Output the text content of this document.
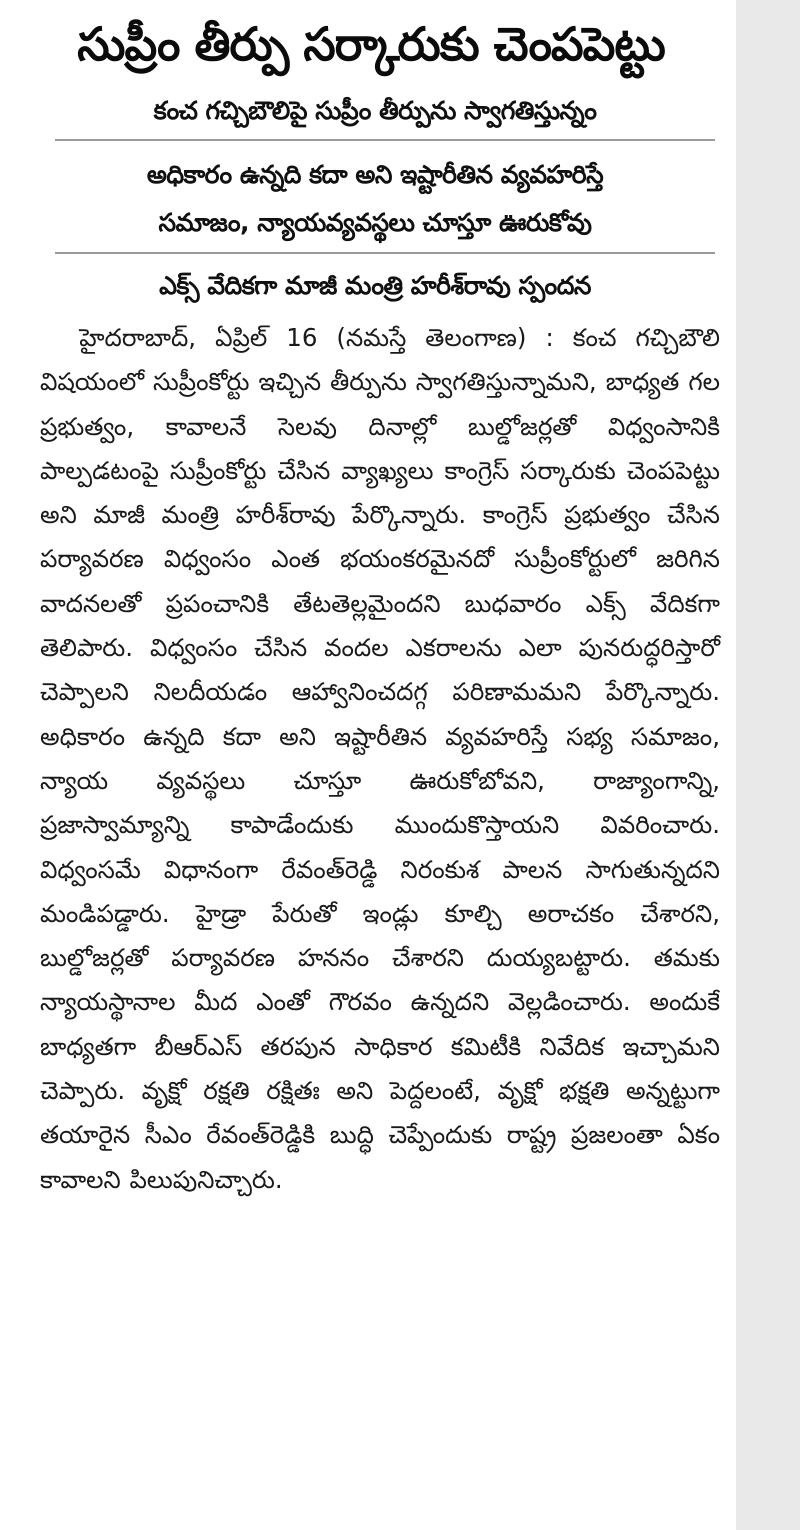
సుప్రీం తీర్పు సర్కారుకు చెంపపెట్టు
కంచ గచ్చిబౌలిపై సుప్రీం తీర్పును స్వాగతిస్తున్నం
అధికారం ఉన్నది కదా అని ఇష్టారీతిన వ్యవహరిస్తే
సమాజం, న్యాయవ్యవస్థలు చూస్తూ ఊరుకోవు
ఎక్స్ వేదికగా మాజీ మంత్రి హరీశ్‌రావు స్పందన

హైదరాబాద్, ఏప్రిల్ 16 (నమస్తే తెలంగాణ) : కంచ గచ్చిబౌలి విషయంలో సుప్రీంకోర్టు ఇచ్చిన తీర్పును స్వాగతిస్తున్నామని, బాధ్యత గల ప్రభుత్వం, కావాలనే సెలవు దినాల్లో బుల్డోజర్లతో విధ్వంసానికి పాల్పడటంపై సుప్రీంకోర్టు చేసిన వ్యాఖ్యలు కాంగ్రెస్ సర్కారుకు చెంపపెట్టు అని మాజీ మంత్రి హరీశ్‌రావు పేర్కొన్నారు. కాంగ్రెస్ ప్రభుత్వం చేసిన పర్యావరణ విధ్వంసం ఎంత భయంకరమైనదో సుప్రీంకోర్టులో జరిగిన వాదనలతో ప్రపంచానికి తేటతెల్లమైందని బుధవారం ఎక్స్ వేదికగా తెలిపారు. విధ్వంసం చేసిన వందల ఎకరాలను ఎలా పునరుద్ధరిస్తారో చెప్పాలని నిలదీయడం ఆహ్వానించదగ్గ పరిణామమని పేర్కొన్నారు. అధికారం ఉన్నది కదా అని ఇష్టారీతిన వ్యవహరిస్తే సభ్య సమాజం, న్యాయ వ్యవస్థలు చూస్తూ ఊరుకోబోవని, రాజ్యాంగాన్ని, ప్రజాస్వామ్యాన్ని కాపాడేందుకు ముందుకొస్తాయని వివరించారు. విధ్వంసమే విధానంగా రేవంత్‌రెడ్డి నిరంకుశ పాలన సాగుతున్నదని మండిపడ్డారు. హైడ్రా పేరుతో ఇండ్లు కూల్చి అరాచకం చేశారని, బుల్డోజర్లతో పర్యావరణ హననం చేశారని దుయ్యబట్టారు. తమకు న్యాయస్థానాల మీద ఎంతో గౌరవం ఉన్నదని వెల్లడించారు. అందుకే బాధ్యతగా బీఆర్ఎస్ తరపున సాధికార కమిటీకి నివేదిక ఇచ్చామని చెప్పారు. వృక్షో రక్షతి రక్షితః అని పెద్దలంటే, వృక్షో భక్షతి అన్నట్టుగా తయారైన సీఎం రేవంత్‌రెడ్డికి బుద్ధి చెప్పేందుకు రాష్ట్ర ప్రజలంతా ఏకం కావాలని పిలుపునిచ్చారు.
